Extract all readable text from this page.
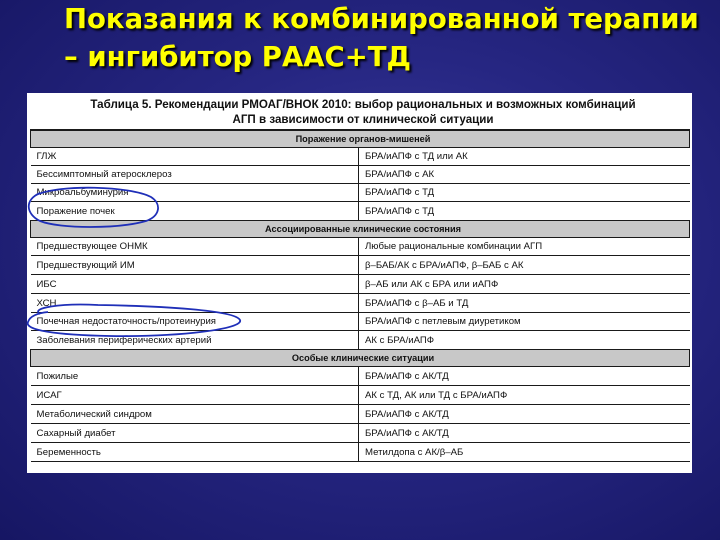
Показания к комбинированной терапии – ингибитор РААС+ТД
Таблица 5. Рекомендации РМОАГ/ВНОК 2010: выбор рациональных и возможных комбинаций
АГП в зависимости от клинической ситуации	

Поражение органов-мишеней	
ГЛЖ	БРА/иАПФ с ТД или АК
Бессимптомный атеросклероз	БРА/иАПФ с АК
Микроальбуминурия	БРА/иАПФ с ТД
Поражение почек	БРА/иАПФ с ТД
Ассоциированные клинические состояния	
Предшествующее ОНМК	Любые рациональные комбинации АГП
Предшествующий ИМ	β–БАБ/АК с БРА/иАПФ, β–БАБ с АК
ИБС	β–АБ или АК с БРА или иАПФ
ХСН	БРА/иАПФ с β–АБ и ТД
Почечная недостаточность/протеинурия	БРА/иАПФ с петлевым диуретиком
Заболевания периферических артерий	АК с БРА/иАПФ
Особые клинические ситуации	
Пожилые	БРА/иАПФ с АК/ТД
ИСАГ	АК с ТД, АК или ТД с БРА/иАПФ
Метаболический синдром	БРА/иАПФ с АК/ТД
Сахарный диабет	БРА/иАПФ с АК/ТД
Беременность	Метилдопа с АК/β–АБ
